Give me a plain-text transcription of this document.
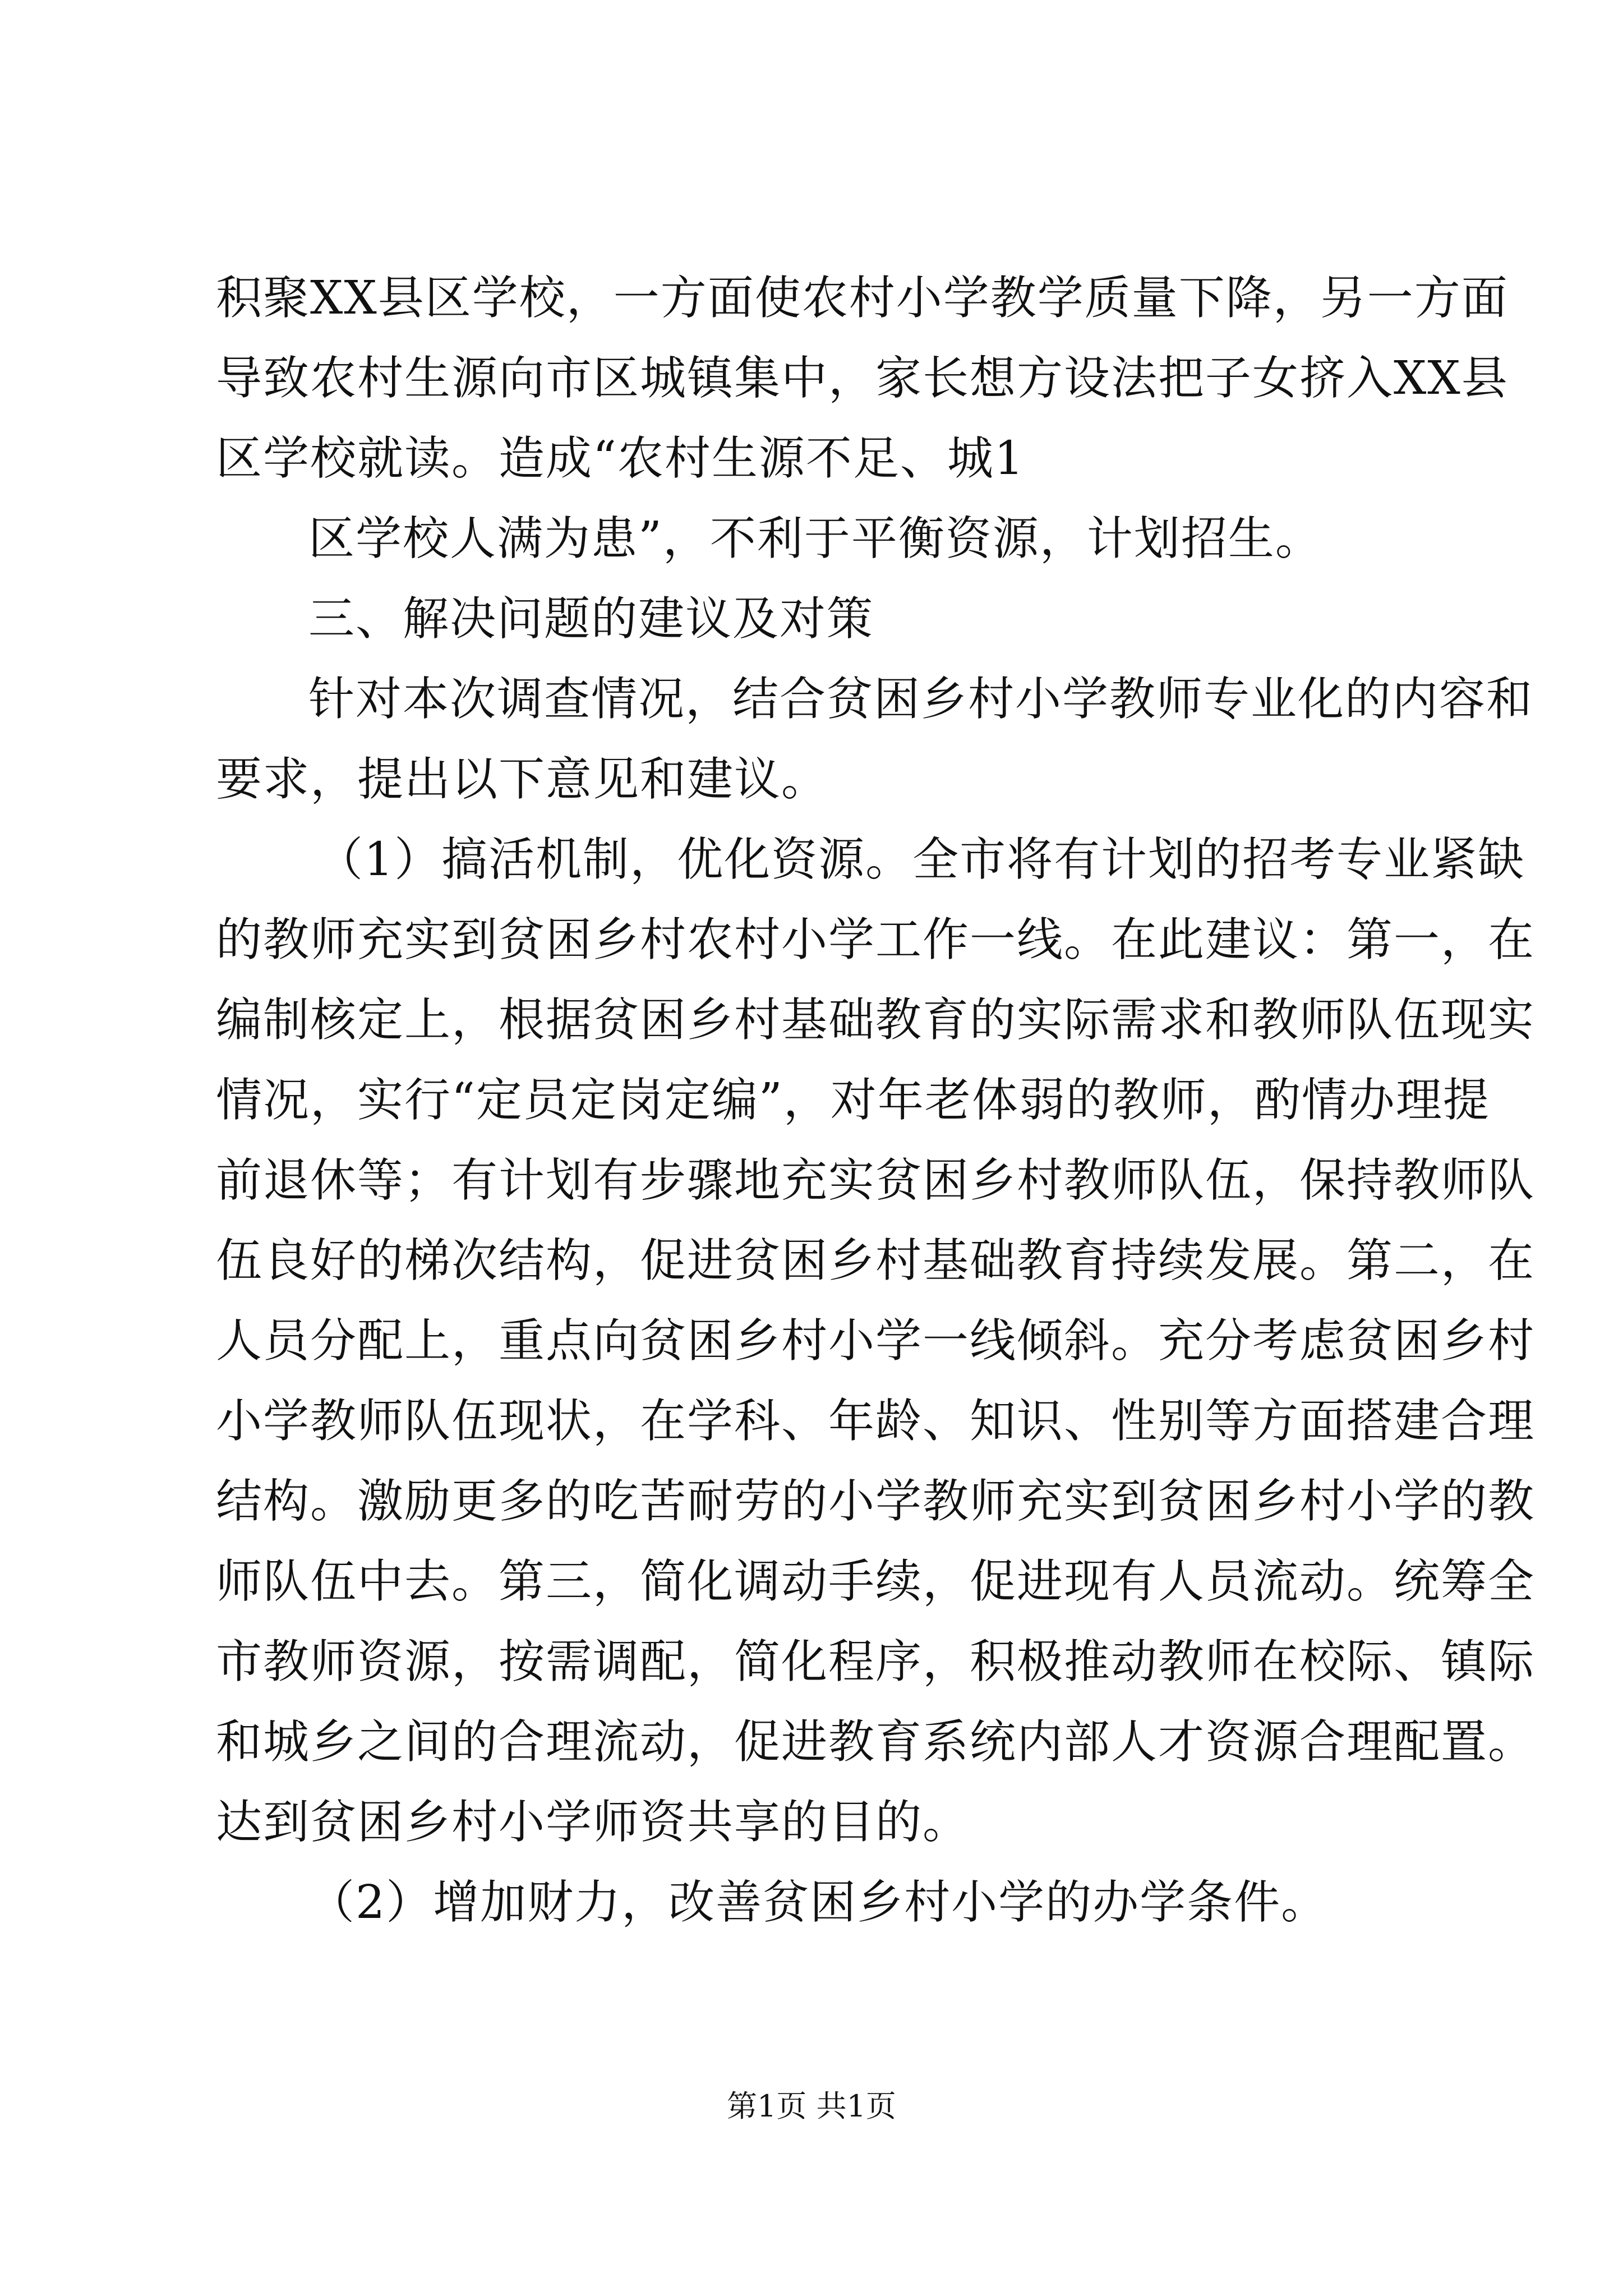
积聚XX县区学校，一方面使农村小学教学质量下降，另一方面
导致农村生源向市区城镇集中，家长想方设法把子女挤入XX县
区学校就读。造成“农村生源不足、城1
区学校人满为患”，不利于平衡资源，计划招生。
三、解决问题的建议及对策
针对本次调查情况，结合贫困乡村小学教师专业化的内容和
要求，提出以下意见和建议。
（1）搞活机制，优化资源。全市将有计划的招考专业紧缺
的教师充实到贫困乡村农村小学工作一线。在此建议：第一，在
编制核定上，根据贫困乡村基础教育的实际需求和教师队伍现实
情况，实行“定员定岗定编”，对年老体弱的教师，酌情办理提
前退休等；有计划有步骤地充实贫困乡村教师队伍，保持教师队
伍良好的梯次结构，促进贫困乡村基础教育持续发展。第二，在
人员分配上，重点向贫困乡村小学一线倾斜。充分考虑贫困乡村
小学教师队伍现状，在学科、年龄、知识、性别等方面搭建合理
结构。激励更多的吃苦耐劳的小学教师充实到贫困乡村小学的教
师队伍中去。第三，简化调动手续，促进现有人员流动。统筹全
市教师资源，按需调配，简化程序，积极推动教师在校际、镇际
和城乡之间的合理流动，促进教育系统内部人才资源合理配置。
达到贫困乡村小学师资共享的目的。
（2）增加财力，改善贫困乡村小学的办学条件。
第1页 共1页
